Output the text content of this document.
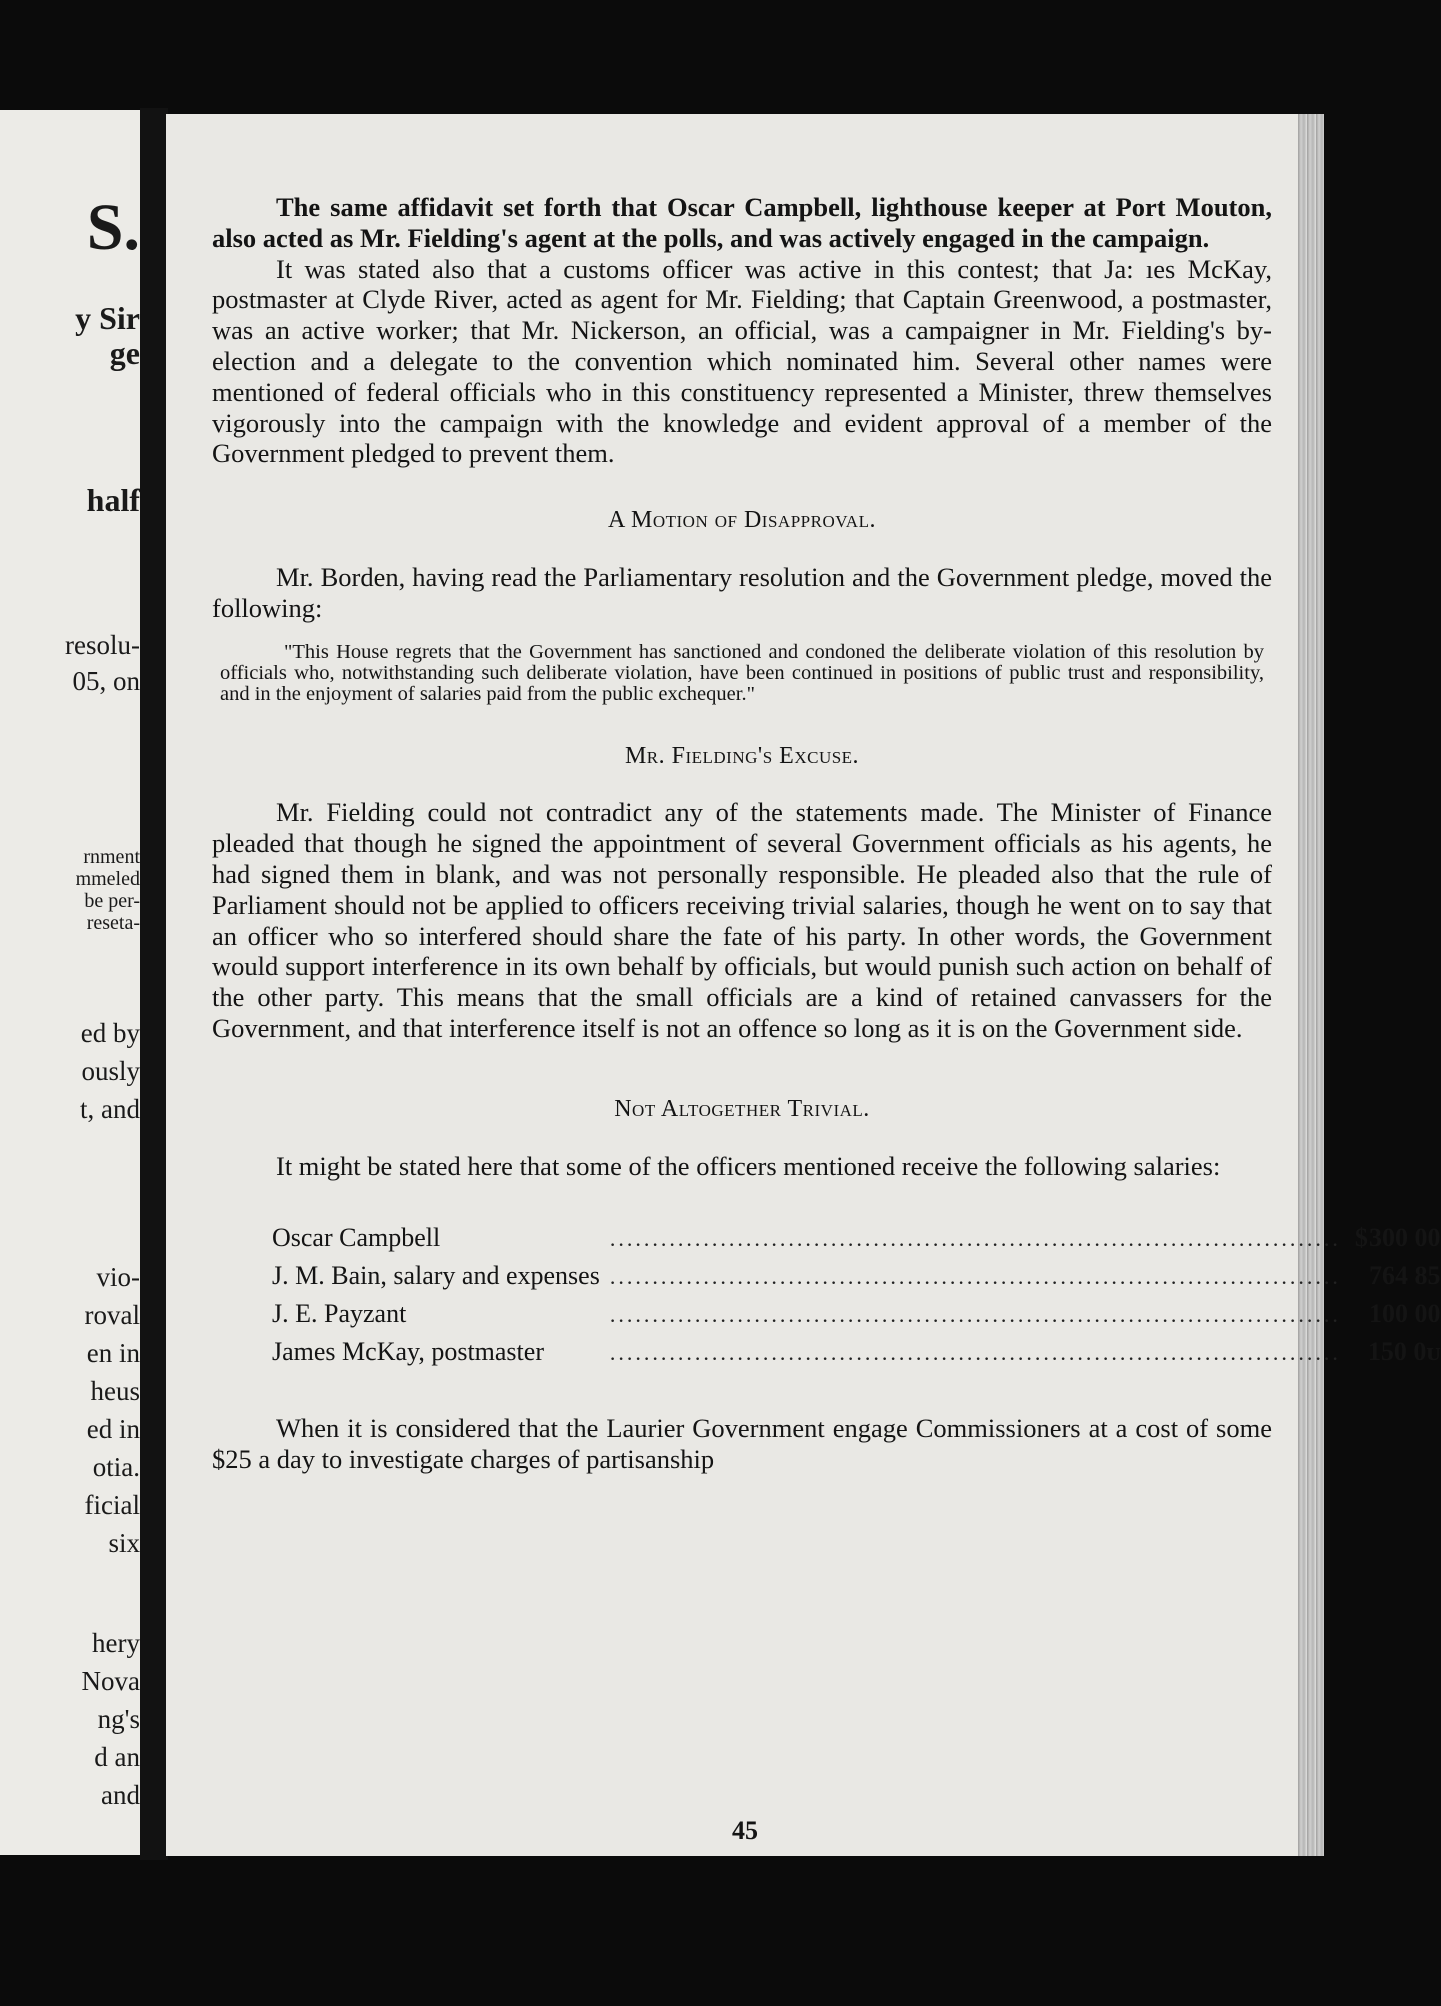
S.
y Sir
ge
half
resolu-
05, on
rnment
mmeled
be per-
reseta-
ed by
ously
t, and
vio-
roval
en in
heus
ed in
otia.
ficial
six
hery
Nova
ng's
d an
and

The same affidavit set forth that Oscar Campbell, lighthouse keeper at Port Mouton, also acted as Mr. Fielding's agent at the polls, and was actively engaged in the campaign.

It was stated also that a customs officer was active in this contest; that Ja: ıes McKay, postmaster at Clyde River, acted as agent for Mr. Fielding; that Captain Greenwood, a postmaster, was an active worker; that Mr. Nickerson, an official, was a campaigner in Mr. Fielding's by-election and a delegate to the convention which nominated him. Several other names were mentioned of federal officials who in this constituency represented a Minister, threw themselves vigorously into the campaign with the knowledge and evident approval of a member of the Government pledged to prevent them.

A Motion of Disapproval.

Mr. Borden, having read the Parliamentary resolution and the Government pledge, moved the following:

"This House regrets that the Government has sanctioned and condoned the deliberate violation of this resolution by officials who, notwithstanding such deliberate violation, have been continued in positions of public trust and responsibility, and in the enjoyment of salaries paid from the public exchequer."

Mr. Fielding's Excuse.

Mr. Fielding could not contradict any of the statements made. The Minister of Finance pleaded that though he signed the appointment of several Government officials as his agents, he had signed them in blank, and was not personally responsible. He pleaded also that the rule of Parliament should not be applied to officers receiving trivial salaries, though he went on to say that an officer who so interfered should share the fate of his party. In other words, the Government would support interference in its own behalf by officials, but would punish such action on behalf of the other party. This means that the small officials are a kind of retained canvassers for the Government, and that interference itself is not an offence so long as it is on the Government side.

Not Altogether Trivial.

It might be stated here that some of the officers mentioned receive the following salaries:

Oscar Campbell	......................................................................................	$	300 00
J. M. Bain, salary and expenses	......................................................................................		764 85
J. E. Payzant	......................................................................................		100 00
James McKay, postmaster	......................................................................................		150 0ᴜ

When it is considered that the Laurier Government engage Commissioners at a cost of some $25 a day to investigate charges of partisanship

45
